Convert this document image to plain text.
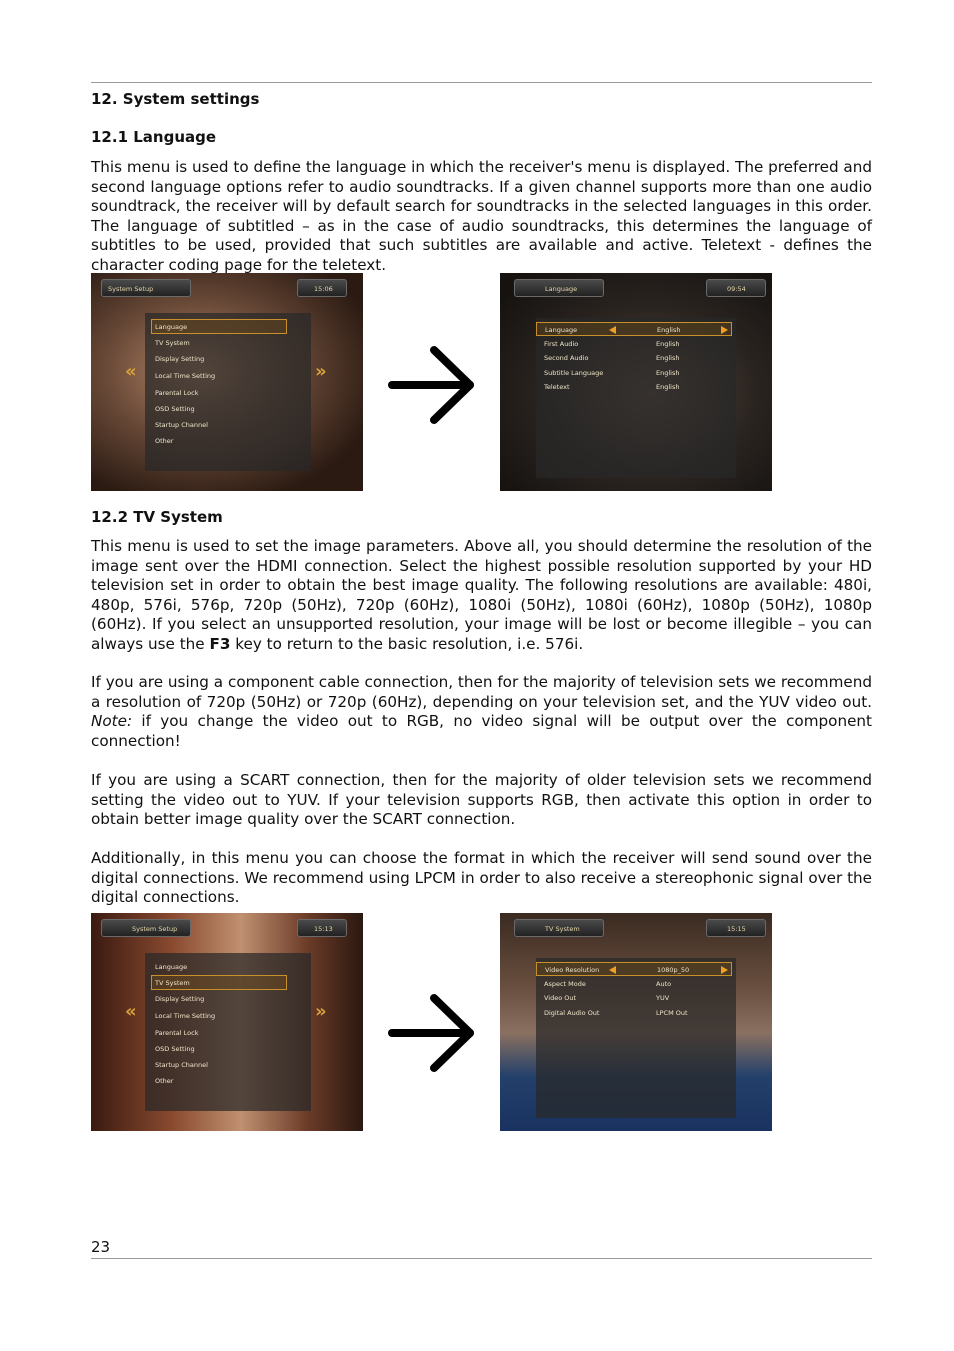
12. System settings
12.1 Language

This menu is used to define the language in which the receiver's menu is displayed. The preferred and second language options refer to audio soundtracks. If a given channel supports more than one audio soundtrack, the receiver will by default search for soundtracks in the selected languages in this order. The language of subtitled – as in the case of audio soundtracks, this determines the language of subtitles to be used, provided that such subtitles are available and active. Teletext - defines the character coding page for the teletext.

System Setup	15:06
Language
TV System
Display Setting
Local Time Setting
Parental Lock
OSD Setting
Startup Channel
Other
«	»
Language	09:54
Language	English
First Audio	English
Second Audio	English
Subtitle Language	English
Teletext	English
12.2 TV System

This menu is used to set the image parameters. Above all, you should determine the resolution of the image sent over the HDMI connection. Select the highest possible resolution supported by your HD television set in order to obtain the best image quality. The following resolutions are available: 480i, 480p, 576i, 576p, 720p (50Hz), 720p (60Hz), 1080i (50Hz), 1080i (60Hz), 1080p (50Hz), 1080p (60Hz). If you select an unsupported resolution, your image will be lost or become illegible – you can always use the F3 key to return to the basic resolution, i.e. 576i.

If you are using a component cable connection, then for the majority of television sets we recommend a resolution of 720p (50Hz) or 720p (60Hz), depending on your television set, and the YUV video out. Note: if you change the video out to RGB, no video signal will be output over the component connection!

If you are using a SCART connection, then for the majority of older television sets we recommend setting the video out to YUV. If your television supports RGB, then activate this option in order to obtain better image quality over the SCART connection.

Additionally, in this menu you can choose the format in which the receiver will send sound over the digital connections. We recommend using LPCM in order to also receive a stereophonic signal over the digital connections.

System Setup	15:13
Language
TV System
Display Setting
Local Time Setting
Parental Lock
OSD Setting
Startup Channel
Other
«	»
TV System	15:15
Video Resolution	1080p_50
Aspect Mode	Auto
Video Out	YUV
Digital Audio Out	LPCM Out
23
